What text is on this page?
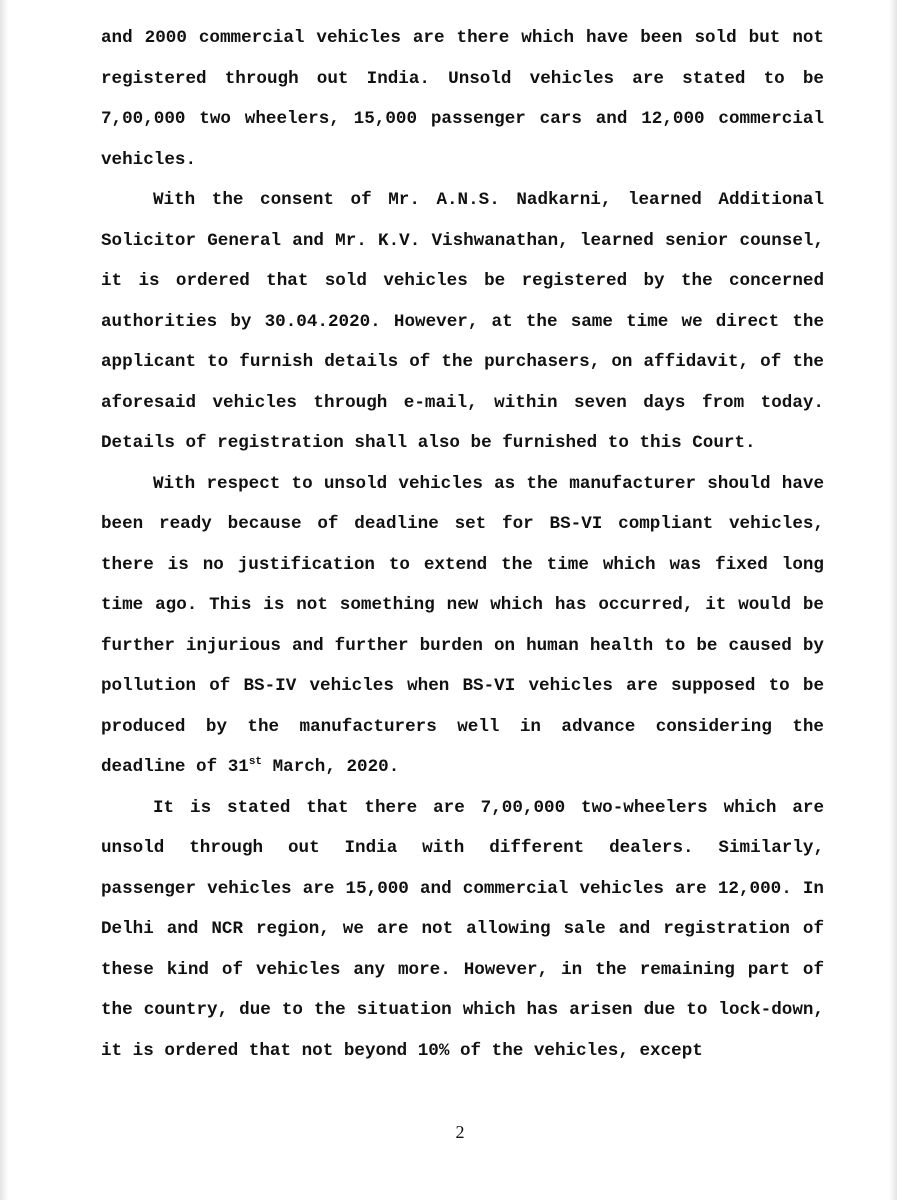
and 2000 commercial vehicles are there which have been sold but not registered through out India. Unsold vehicles are stated to be 7,00,000 two wheelers, 15,000 passenger cars and 12,000 commercial vehicles.

With the consent of Mr. A.N.S. Nadkarni, learned Additional Solicitor General and Mr. K.V. Vishwanathan, learned senior counsel, it is ordered that sold vehicles be registered by the concerned authorities by 30.04.2020. However, at the same time we direct the applicant to furnish details of the purchasers, on affidavit, of the aforesaid vehicles through e-mail, within seven days from today. Details of registration shall also be furnished to this Court.

With respect to unsold vehicles as the manufacturer should have been ready because of deadline set for BS-VI compliant vehicles, there is no justification to extend the time which was fixed long time ago. This is not something new which has occurred, it would be further injurious and further burden on human health to be caused by pollution of BS-IV vehicles when BS-VI vehicles are supposed to be produced by the manufacturers well in advance considering the deadline of 31st March, 2020.

It is stated that there are 7,00,000 two-wheelers which are unsold through out India with different dealers. Similarly, passenger vehicles are 15,000 and commercial vehicles are 12,000. In Delhi and NCR region, we are not allowing sale and registration of these kind of vehicles any more. However, in the remaining part of the country, due to the situation which has arisen due to lock-down, it is ordered that not beyond 10% of the vehicles, except

2
